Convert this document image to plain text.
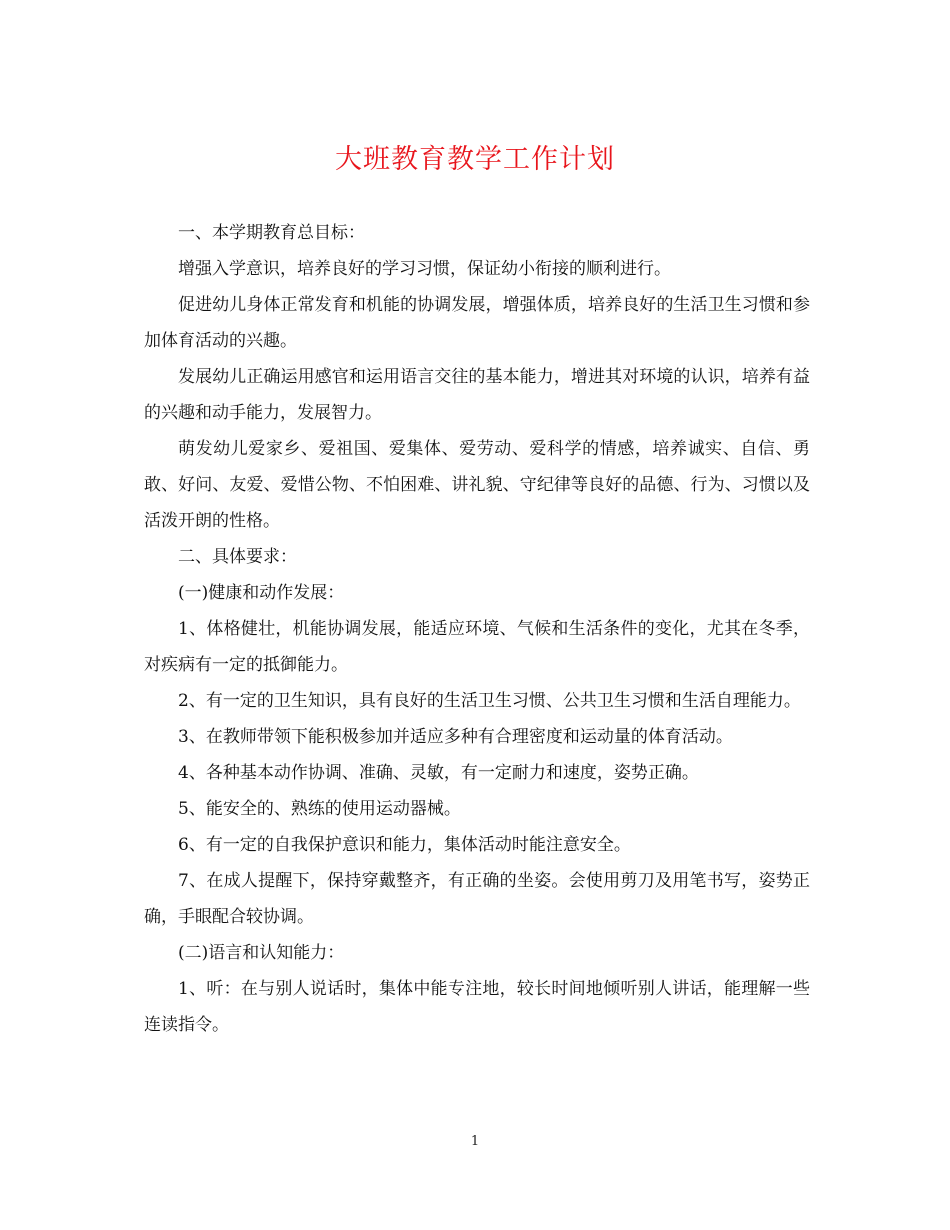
大班教育教学工作计划

一、本学期教育总目标：

增强入学意识，培养良好的学习习惯，保证幼小衔接的顺利进行。

促进幼儿身体正常发育和机能的协调发展，增强体质，培养良好的生活卫生习惯和参加体育活动的兴趣。

发展幼儿正确运用感官和运用语言交往的基本能力，增进其对环境的认识，培养有益的兴趣和动手能力，发展智力。

萌发幼儿爱家乡、爱祖国、爱集体、爱劳动、爱科学的情感，培养诚实、自信、勇敢、好问、友爱、爱惜公物、不怕困难、讲礼貌、守纪律等良好的品德、行为、习惯以及活泼开朗的性格。

二、具体要求：

(一)健康和动作发展：

1、体格健壮，机能协调发展，能适应环境、气候和生活条件的变化，尤其在冬季，对疾病有一定的抵御能力。

2、有一定的卫生知识，具有良好的生活卫生习惯、公共卫生习惯和生活自理能力。

3、在教师带领下能积极参加并适应多种有合理密度和运动量的体育活动。

4、各种基本动作协调、准确、灵敏，有一定耐力和速度，姿势正确。

5、能安全的、熟练的使用运动器械。

6、有一定的自我保护意识和能力，集体活动时能注意安全。

7、在成人提醒下，保持穿戴整齐，有正确的坐姿。会使用剪刀及用笔书写，姿势正确，手眼配合较协调。

(二)语言和认知能力：

1、听：在与别人说话时，集体中能专注地，较长时间地倾听别人讲话，能理解一些连读指令。

1
